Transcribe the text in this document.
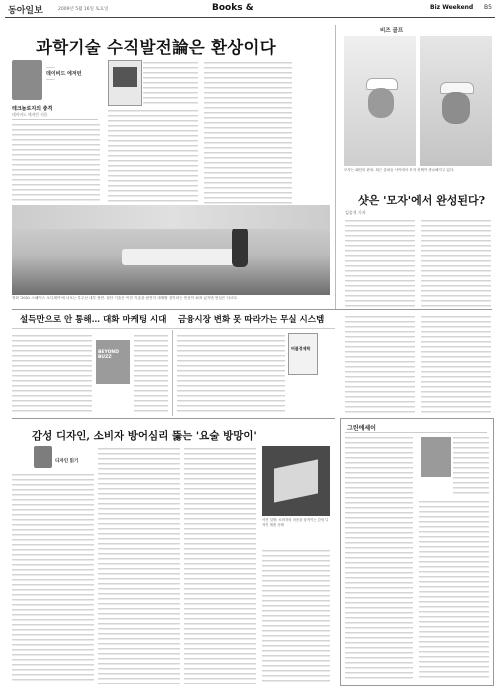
동아일보	2009년 5월 16일 토요일	Books &	Biz Weekend B5
과학기술 수직발전論은 환상이다
────
데이비드 에저턴
────
테크놀로지의 충격
데이비드 에저턴 지음
영화 '2001 스페이스 오디세이'에 나오는 우주선 내부 장면. 첨단 기술은 이전 기술을 완전히 대체할 것이라는 믿음이 퍼져 있지만 현실은 다르다.
비즈 골프
모자는 패션의 완성. 최근 골퍼들 사이에서 모자 선택이 중요해지고 있다.
샷은 '모자'에서 완성된다?
김종석 기자
설득만으로 안 통해… 대화 마케팅 시대 금융시장 변화 못 따라가는 무실 시스템
BEYOND BUZZ
버블경제학
감성 디자인, 소비자 방어심리 뚫는 '요술 방망이'
디자인 읽기
사진 설명: 소비자의 마음을 움직이는 감성 디자인 제품 사례
그린에세이
